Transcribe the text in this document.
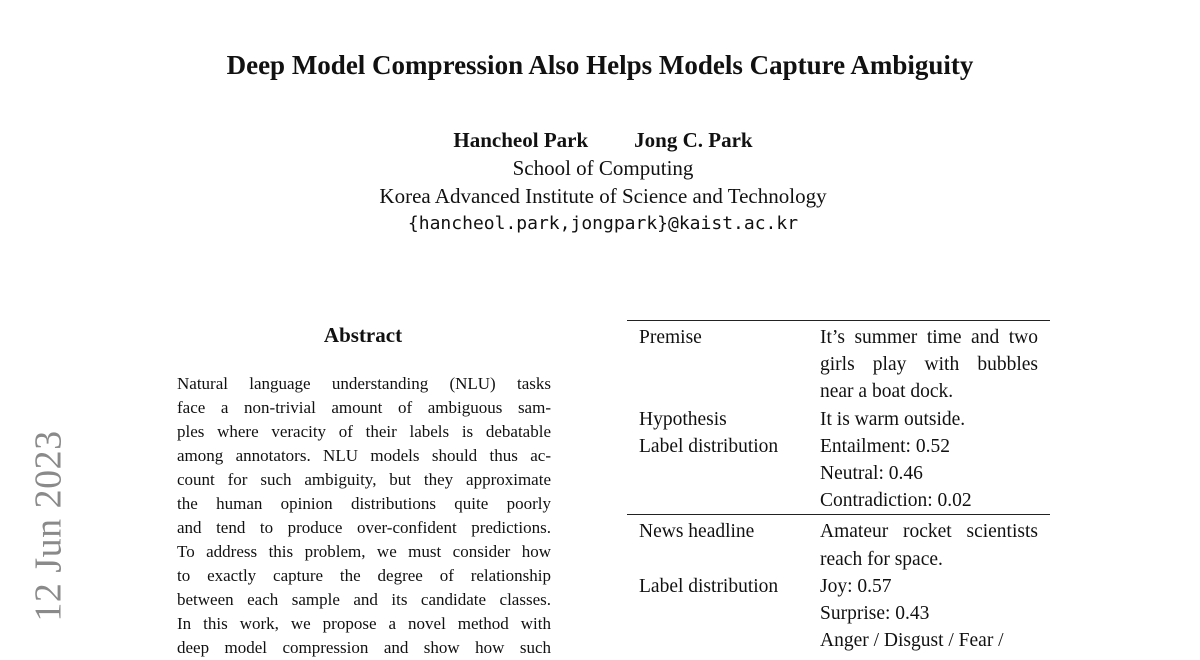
12 Jun 2023
Deep Model Compression Also Helps Models Capture Ambiguity
Hancheol Park Jong C. Park
School of Computing
Korea Advanced Institute of Science and Technology
{hancheol.park,jongpark}@kaist.ac.kr
Abstract
Natural language understanding (NLU) tasks
face a non-trivial amount of ambiguous sam-
ples where veracity of their labels is debatable
among annotators. NLU models should thus ac-
count for such ambiguity, but they approximate
the human opinion distributions quite poorly
and tend to produce over-confident predictions.
To address this problem, we must consider how
to exactly capture the degree of relationship
between each sample and its candidate classes.
In this work, we propose a novel method with
deep model compression and show how such
Premise	It’s summer time and two
girls play with bubbles
near a boat dock.

Hypothesis	It is warm outside.
Label distribution	Entailment: 0.52
Neutral: 0.46
Contradiction: 0.02

News headline	Amateur rocket scientists
reach for space.

Label distribution	Joy: 0.57
Surprise: 0.43
Anger / Disgust / Fear /
